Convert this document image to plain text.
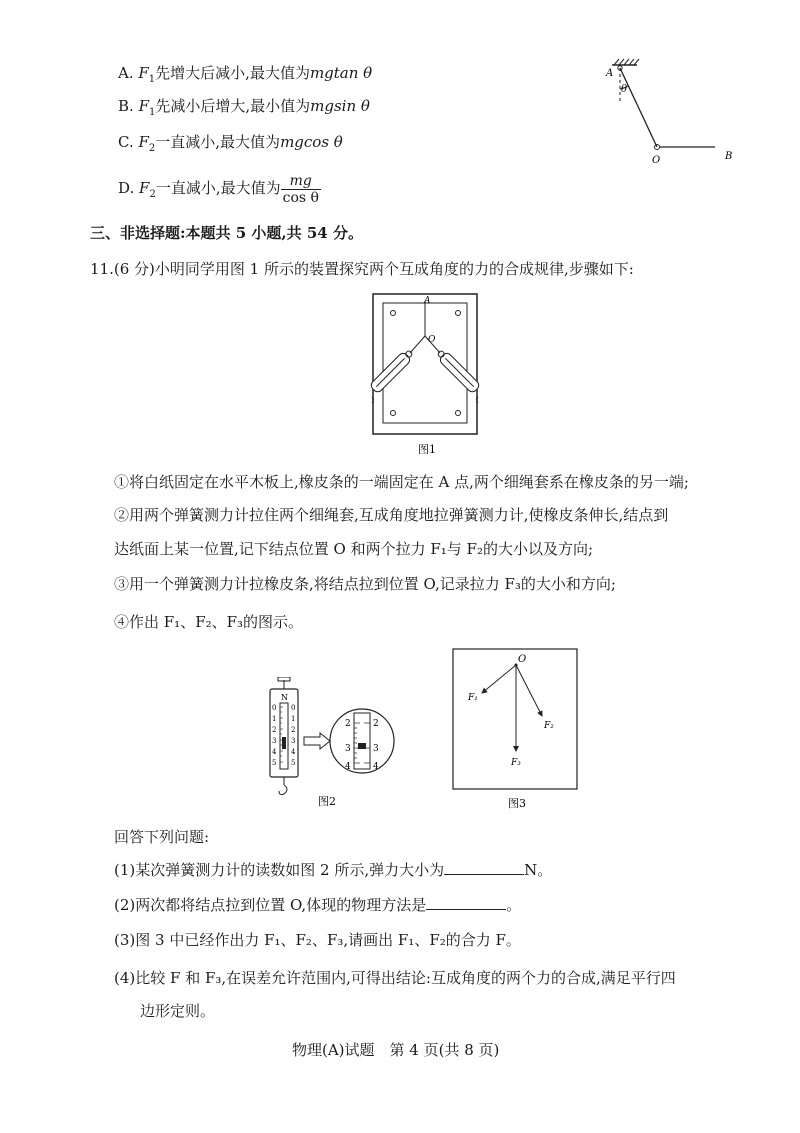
A. $F_1$先增大后减小,最大值为mgtan θ
B. $F_1$先减小后增大,最小值为mgsin θ
C. $F_2$一直减小,最大值为mgcos θ
D. $F_2$一直减小,最大值为 $\frac{mg}{\text{cos θ}}$
A
θ
O	B
三、非选择题:本题共 5 小题,共 54 分。
11.(6 分)小明同学用图 1 所示的装置探究两个互成角度的力的合成规律,步骤如下:
A
O
图1
①将白纸固定在水平木板上,橡皮条的一端固定在 A 点,两个细绳套系在橡皮条的另一端;
②用两个弹簧测力计拉住两个细绳套,互成角度地拉弹簧测力计,使橡皮条伸长,结点到
达纸面上某一位置,记下结点位置 O 和两个拉力 F₁与 F₂的大小以及方向;
③用一个弹簧测力计拉橡皮条,将结点拉到位置 O,记录拉力 F₃的大小和方向;
④作出 F₁、F₂、F₃的图示。
N
0
1
2
3
4
5
0
1
2
3
4
5
2
3
4
2
3
4
图2
O
F₁
F₂
F₃
图3
回答下列问题:
(1)某次弹簧测力计的读数如图 2 所示,弹力大小为	N。
(2)两次都将结点拉到位置 O,体现的物理方法是	。
(3)图 3 中已经作出力 F₁、F₂、F₃,请画出 F₁、F₂的合力 F。
(4)比较 F 和 F₃,在误差允许范围内,可得出结论:互成角度的两个力的合成,满足平行四
边形定则。
物理(A)试题　第 4 页(共 8 页)
